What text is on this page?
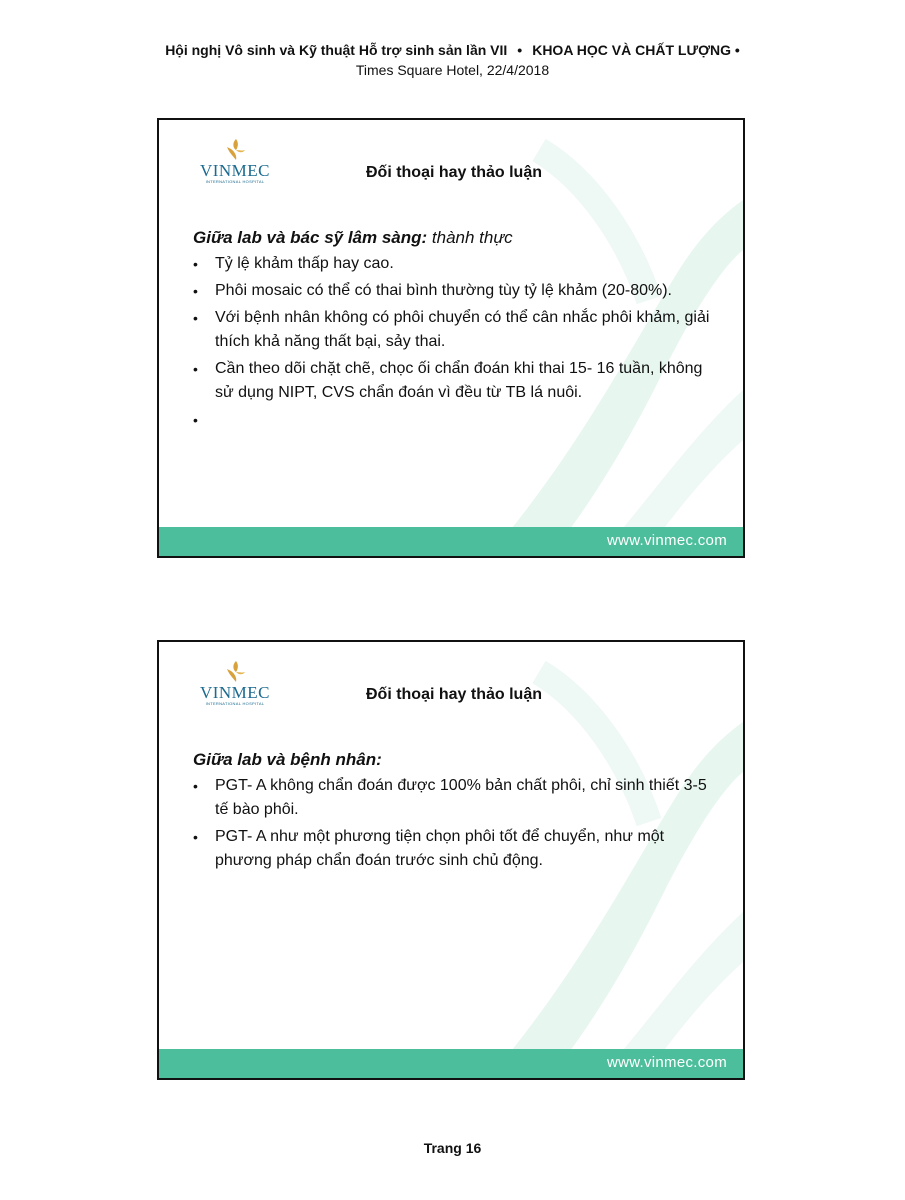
Hội nghị Vô sinh và Kỹ thuật Hỗ trợ sinh sản lần VII • KHOA HỌC VÀ CHẤT LƯỢNG •
Times Square Hotel, 22/4/2018
VINMEC
INTERNATIONAL HOSPITAL
Đối thoại hay thảo luận
Giữa lab và bác sỹ lâm sàng: thành thực
• Tỷ lệ khảm thấp hay cao.
• Phôi mosaic có thể có thai bình thường tùy tỷ lệ khảm (20-80%).
• Với bệnh nhân không có phôi chuyển có thể cân nhắc phôi khảm, giải thích khả năng thất bại, sảy thai.
• Cần theo dõi chặt chẽ, chọc ối chẩn đoán khi thai 15- 16 tuần, không sử dụng NIPT, CVS chẩn đoán vì đều từ TB lá nuôi.
•

www.vinmec.com
VINMEC
INTERNATIONAL HOSPITAL
Đối thoại hay thảo luận
Giữa lab và bệnh nhân:
• PGT- A không chẩn đoán được 100% bản chất phôi, chỉ sinh thiết 3-5 tế bào phôi.
• PGT- A như một phương tiện chọn phôi tốt để chuyển, như một phương pháp chẩn đoán trước sinh chủ động.
www.vinmec.com
Trang 16
